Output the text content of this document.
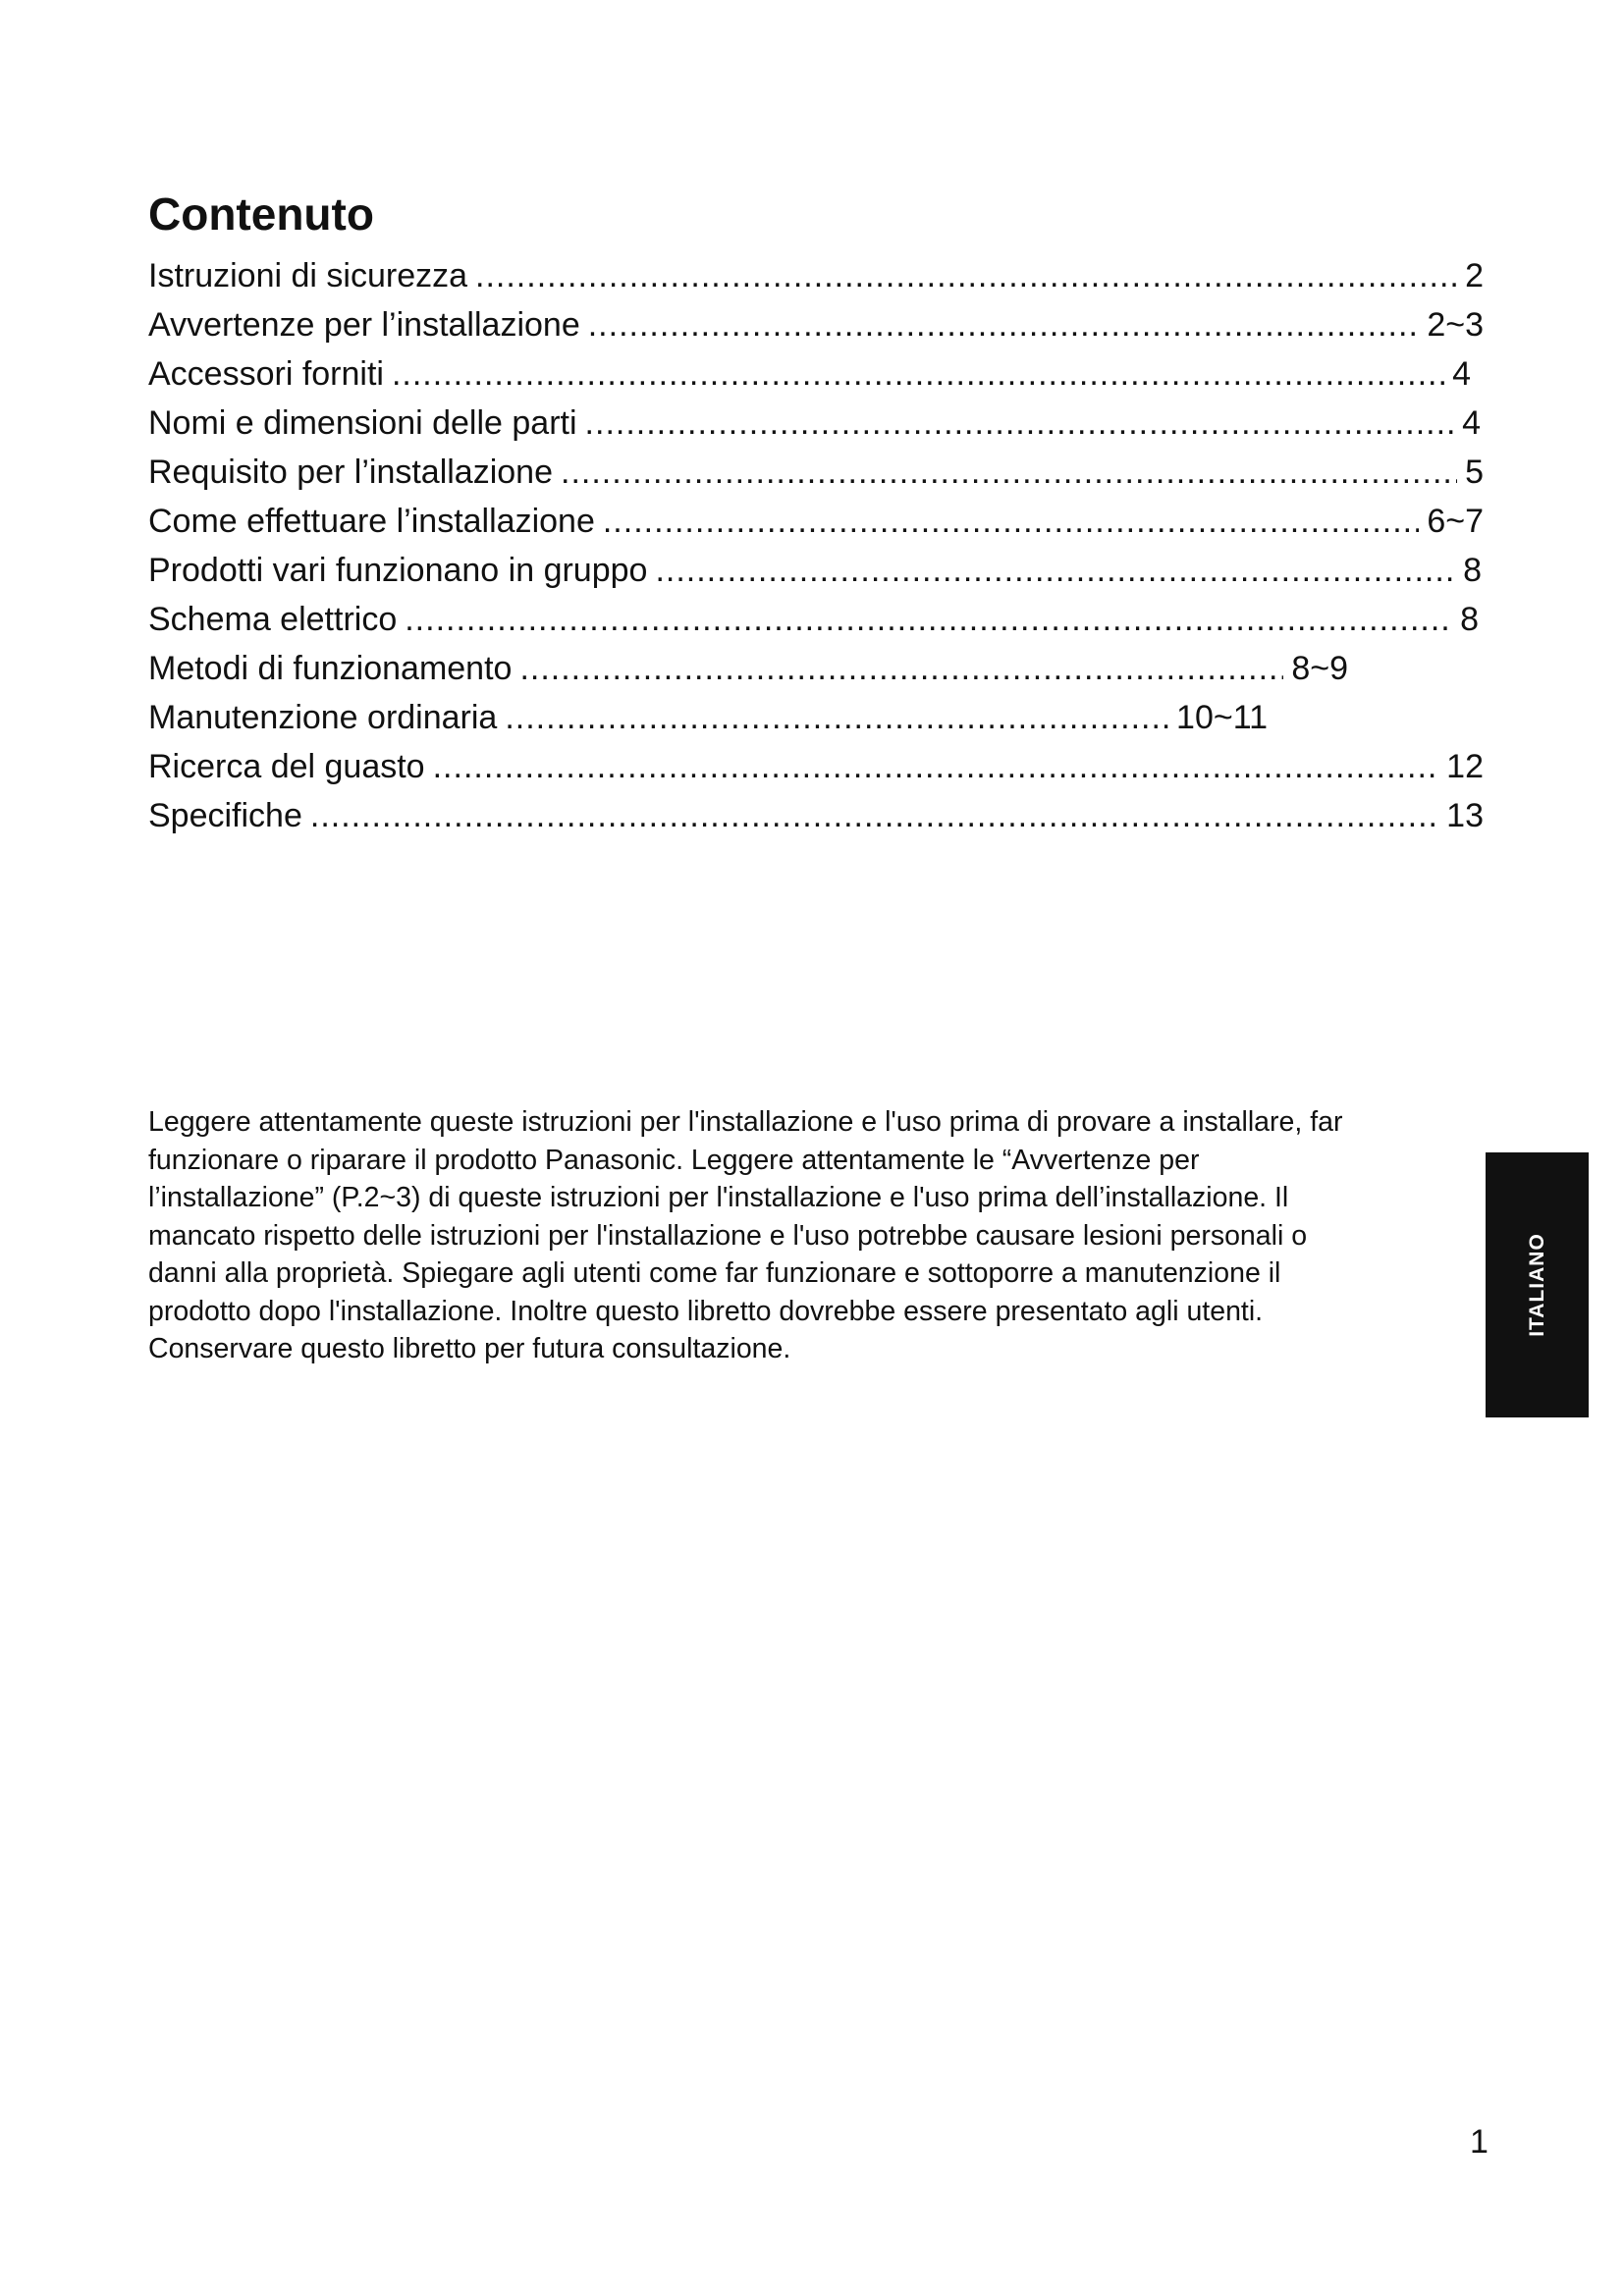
Contenuto
Istruzioni di sicurezza .....	2
Avvertenze per l’installazione .....	2~3
Accessori forniti .....	4
Nomi e dimensioni delle parti .....	4
Requisito per l’installazione .....	5
Come effettuare l’installazione .....	6~7
Prodotti vari funzionano in gruppo .....	8
Schema elettrico .....	8
Metodi di funzionamento .....	8~9
Manutenzione ordinaria .....	10~11
Ricerca del guasto .....	12
Specifiche .....	13

Leggere attentamente queste istruzioni per l'installazione e l'uso prima di provare a installare, far
funzionare o riparare il prodotto Panasonic. Leggere attentamente le “Avvertenze per
l’installazione” (P.2~3) di queste istruzioni per l'installazione e l'uso prima dell’installazione. Il
mancato rispetto delle istruzioni per l'installazione e l'uso potrebbe causare lesioni personali o
danni alla proprietà. Spiegare agli utenti come far funzionare e sottoporre a manutenzione il
prodotto dopo l'installazione. Inoltre questo libretto dovrebbe essere presentato agli utenti.
Conservare questo libretto per futura consultazione.

ITALIANO
1
